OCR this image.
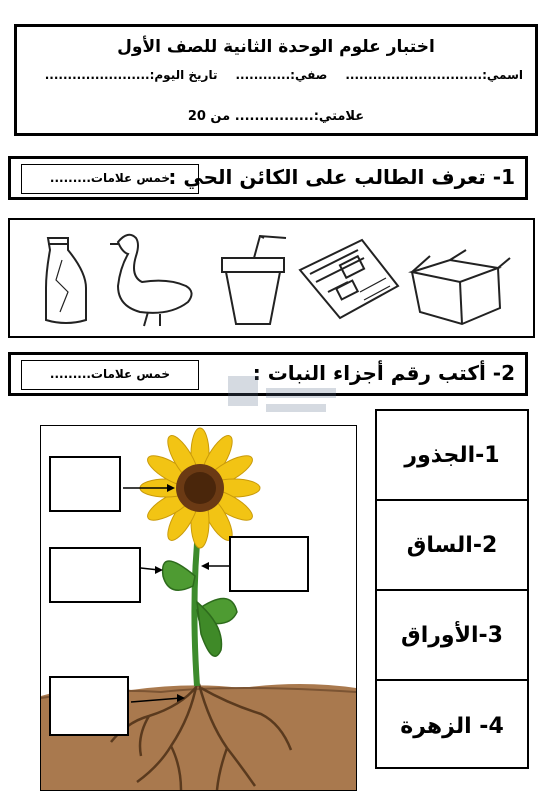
اختبار علوم الوحدة الثانية للصف الأول
اسمي:..............................
صفي:............
تاريخ اليوم:.......................
علامتي:................ من 20
1- تعرف الطالب على الكائن الحي :
خمس علامات.........
2- أكتب رقم أجزاء النبات :
خمس علامات.........
1-الجذور
2-الساق
3-الأوراق
4- الزهرة
